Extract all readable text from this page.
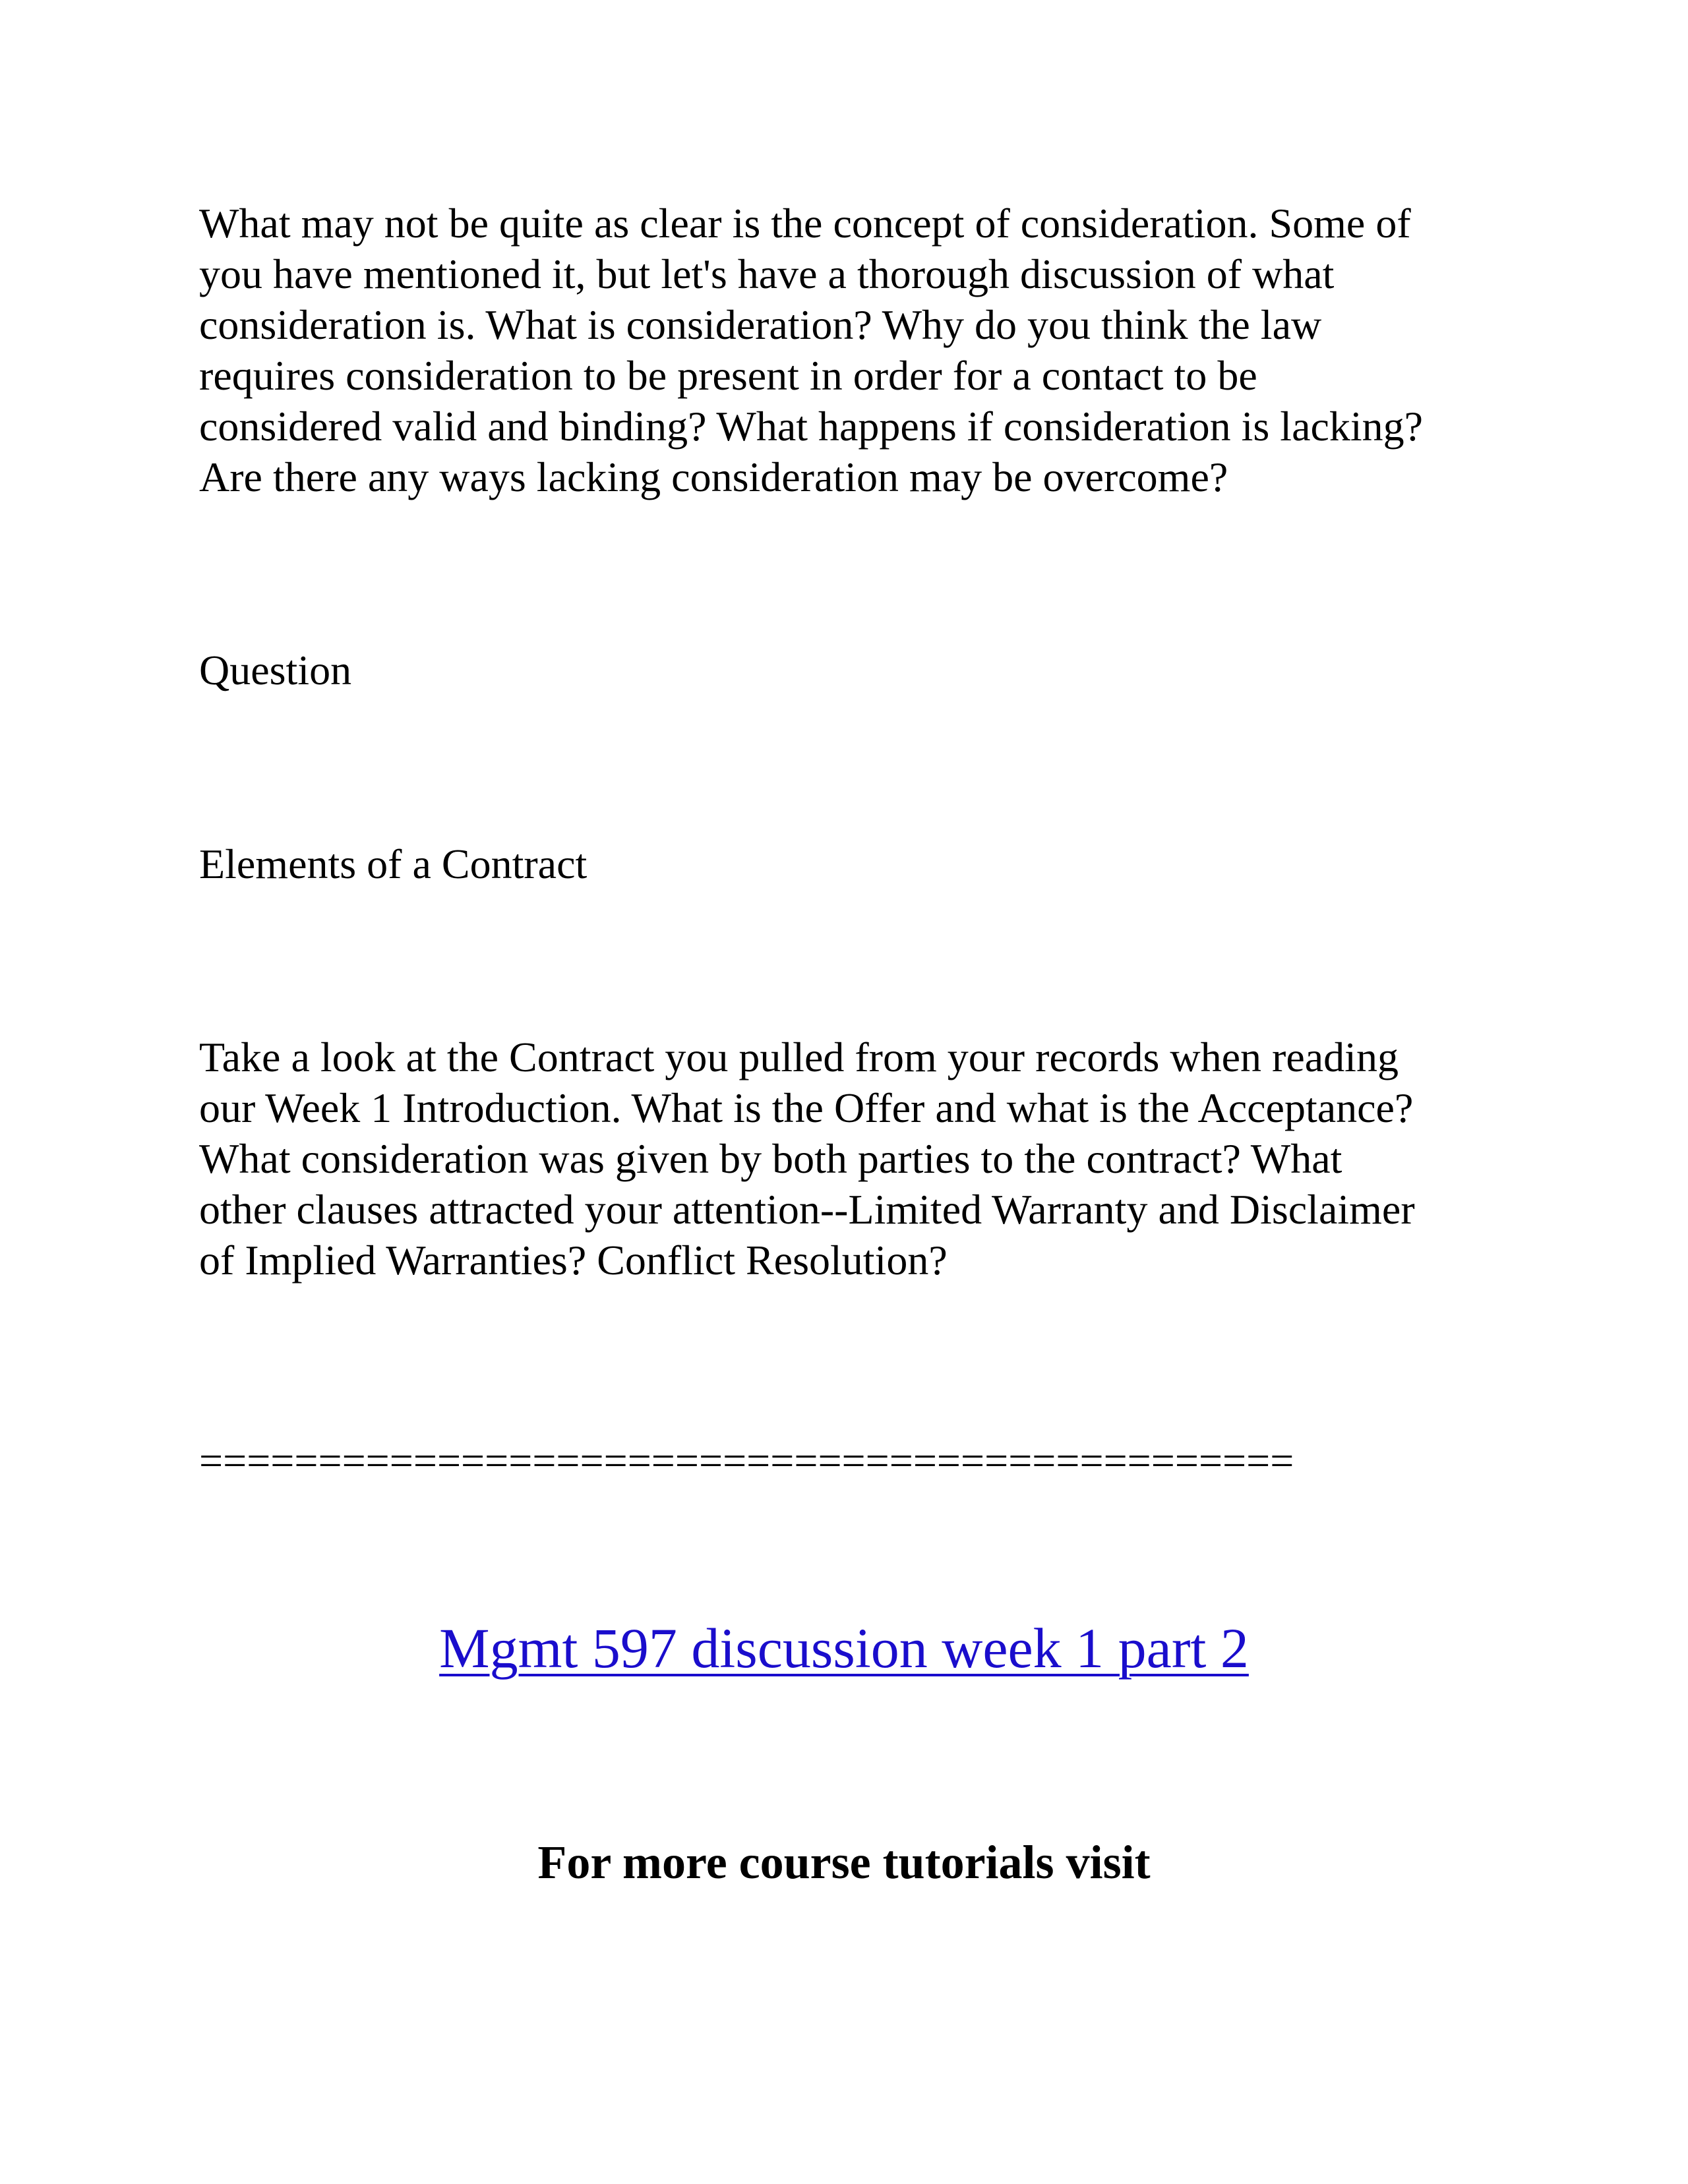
What may not be quite as clear is the concept of consideration. Some of
you have mentioned it, but let's have a thorough discussion of what
consideration is. What is consideration? Why do you think the law
requires consideration to be present in order for a contact to be
considered valid and binding? What happens if consideration is lacking?
Are there any ways lacking consideration may be overcome?

Question

Elements of a Contract

Take a look at the Contract you pulled from your records when reading
our Week 1 Introduction. What is the Offer and what is the Acceptance?
What consideration was given by both parties to the contract? What
other clauses attracted your attention--Limited Warranty and Disclaimer
of Implied Warranties? Conflict Resolution?

==============================================

Mgmt 597 discussion week 1 part 2

For more course tutorials visit
